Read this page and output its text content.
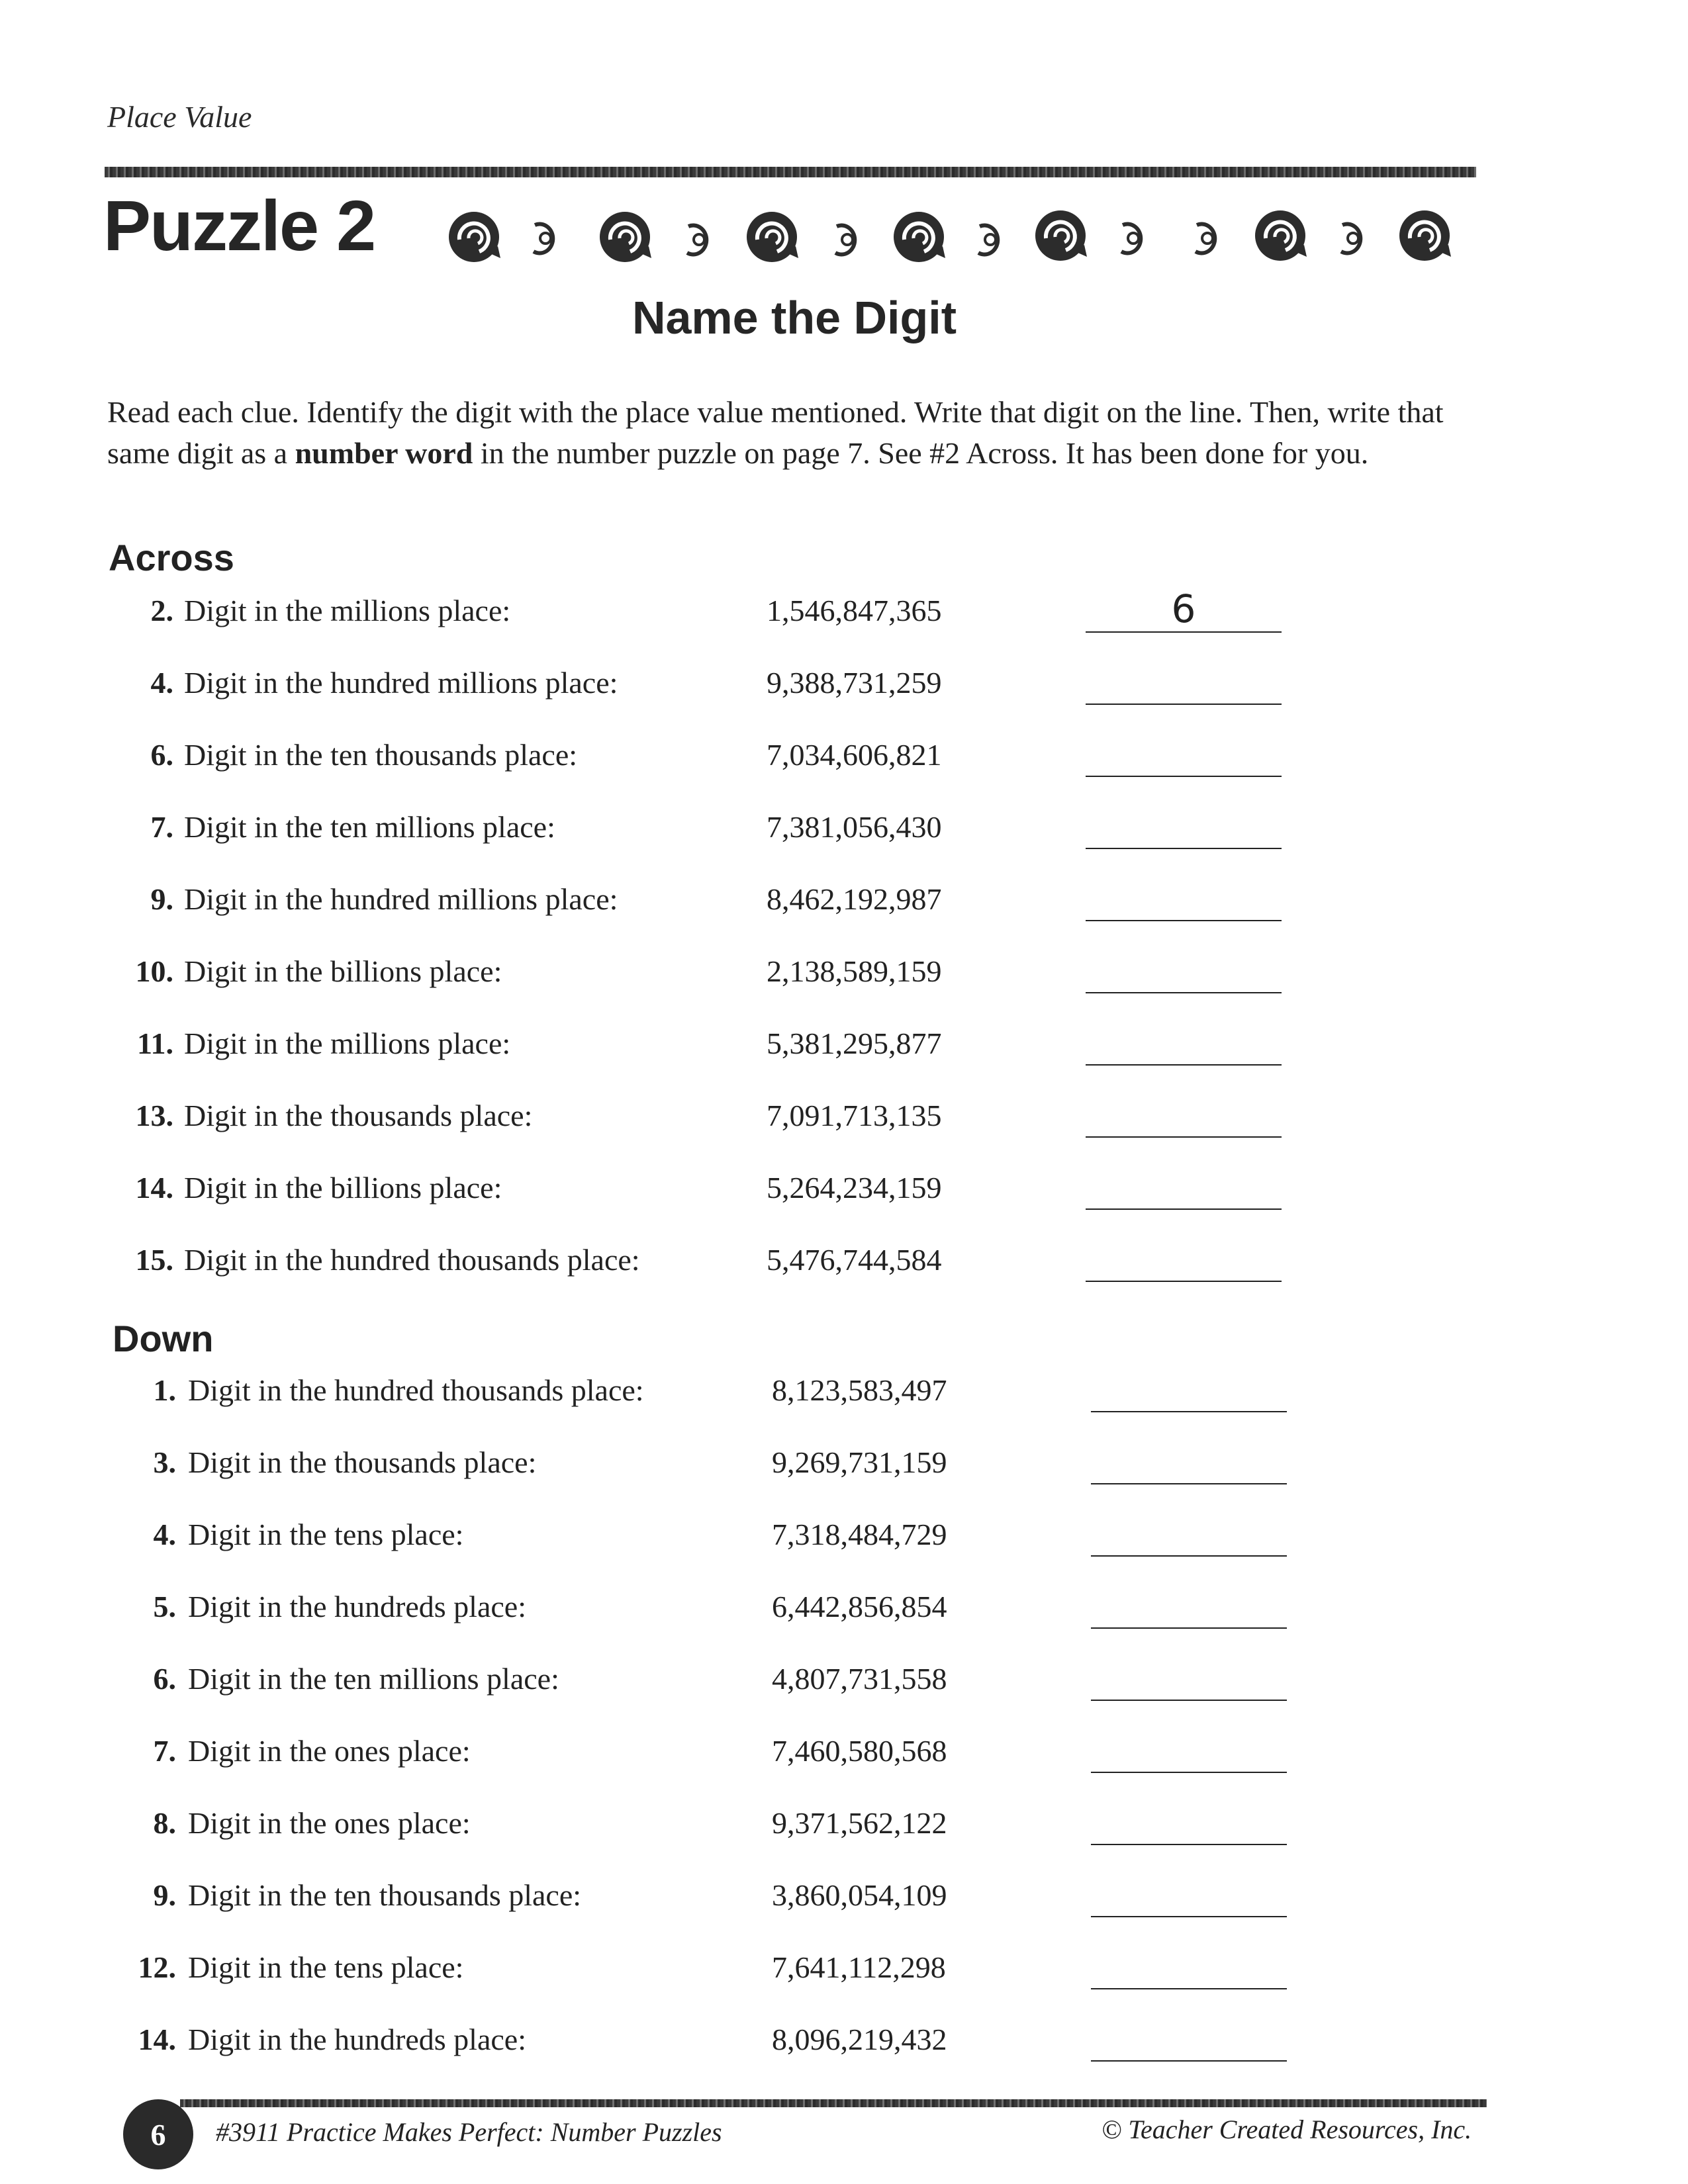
Place Value
Puzzle 2
Name the Digit
Read each clue. Identify the digit with the place value mentioned. Write that digit on the line. Then, write that same digit as a number word in the number puzzle on page 7. See #2 Across. It has been done for you.
Across
2. Digit in the millions place:	1,546,847,365	6
4. Digit in the hundred millions place:	9,388,731,259
6. Digit in the ten thousands place:	7,034,606,821
7. Digit in the ten millions place:	7,381,056,430
9. Digit in the hundred millions place:	8,462,192,987
10. Digit in the billions place:	2,138,589,159
11. Digit in the millions place:	5,381,295,877
13. Digit in the thousands place:	7,091,713,135
14. Digit in the billions place:	5,264,234,159
15. Digit in the hundred thousands place:	5,476,744,584
Down
1. Digit in the hundred thousands place:	8,123,583,497
3. Digit in the thousands place:	9,269,731,159
4. Digit in the tens place:	7,318,484,729
5. Digit in the hundreds place:	6,442,856,854
6. Digit in the ten millions place:	4,807,731,558
7. Digit in the ones place:	7,460,580,568
8. Digit in the ones place:	9,371,562,122
9. Digit in the ten thousands place:	3,860,054,109
12. Digit in the tens place:	7,641,112,298
14. Digit in the hundreds place:	8,096,219,432
6	#3911 Practice Makes Perfect: Number Puzzles	© Teacher Created Resources, Inc.
